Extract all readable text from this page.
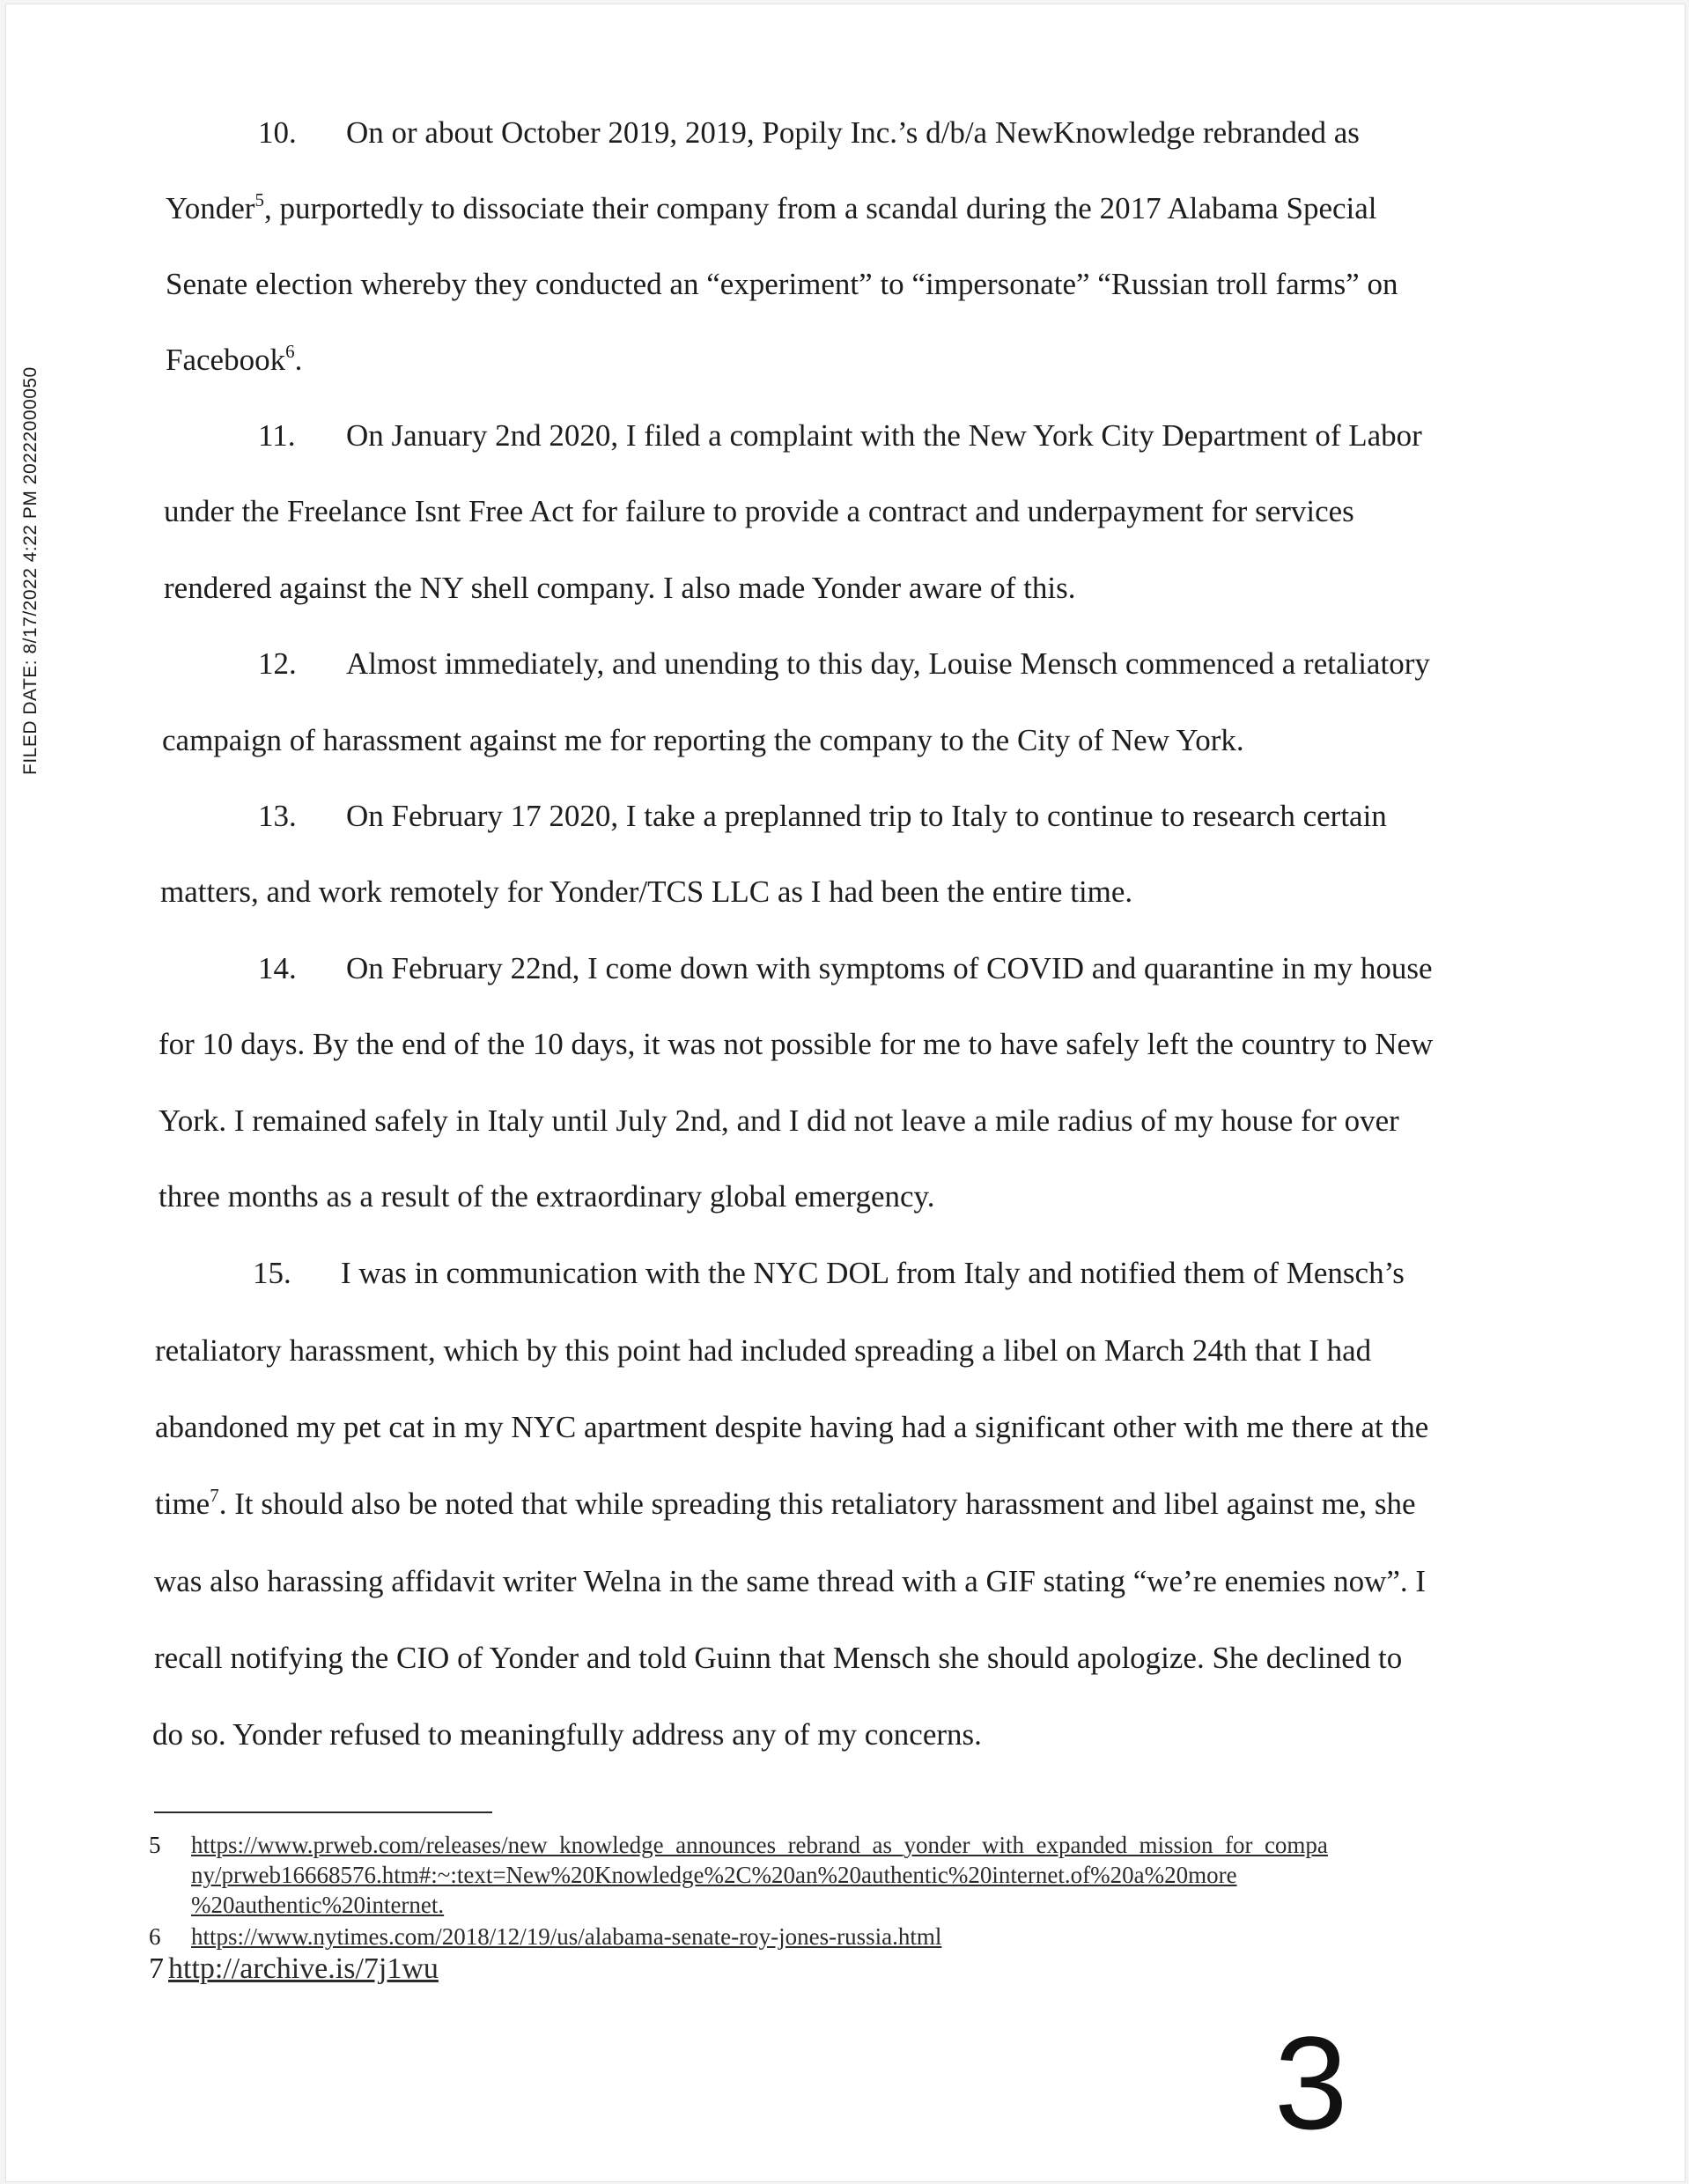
FILED DATE: 8/17/2022 4:22 PM 20222000050

10. On or about October 2019, 2019, Popily Inc.’s d/b/a NewKnowledge rebranded as

Yonder$^5$, purportedly to dissociate their company from a scandal during the 2017 Alabama Special

Senate election whereby they conducted an “experiment” to “impersonate” “Russian troll farms” on

Facebook$^6$.

11. On January 2nd 2020, I filed a complaint with the New York City Department of Labor

under the Freelance Isnt Free Act for failure to provide a contract and underpayment for services

rendered against the NY shell company. I also made Yonder aware of this.

12. Almost immediately, and unending to this day, Louise Mensch commenced a retaliatory

campaign of harassment against me for reporting the company to the City of New York.

13. On February 17 2020, I take a preplanned trip to Italy to continue to research certain

matters, and work remotely for Yonder/TCS LLC as I had been the entire time.

14. On February 22nd, I come down with symptoms of COVID and quarantine in my house

for 10 days. By the end of the 10 days, it was not possible for me to have safely left the country to New

York. I remained safely in Italy until July 2nd, and I did not leave a mile radius of my house for over

three months as a result of the extraordinary global emergency.

15. I was in communication with the NYC DOL from Italy and notified them of Mensch’s

retaliatory harassment, which by this point had included spreading a libel on March 24th that I had

abandoned my pet cat in my NYC apartment despite having had a significant other with me there at the

time$^7$. It should also be noted that while spreading this retaliatory harassment and libel against me, she

was also harassing affidavit writer Welna in the same thread with a GIF stating “we’re enemies now”. I

recall notifying the CIO of Yonder and told Guinn that Mensch she should apologize. She declined to

do so. Yonder refused to meaningfully address any of my concerns.

5 https://www.prweb.com/releases/new_knowledge_announces_rebrand_as_yonder_with_expanded_mission_for_compa

ny/prweb16668576.htm#:~:text=New%20Knowledge%2C%20an%20authentic%20internet.of%20a%20more

%20authentic%20internet.

6 https://www.nytimes.com/2018/12/19/us/alabama-senate-roy-jones-russia.html

7 http://archive.is/7j1wu

3
